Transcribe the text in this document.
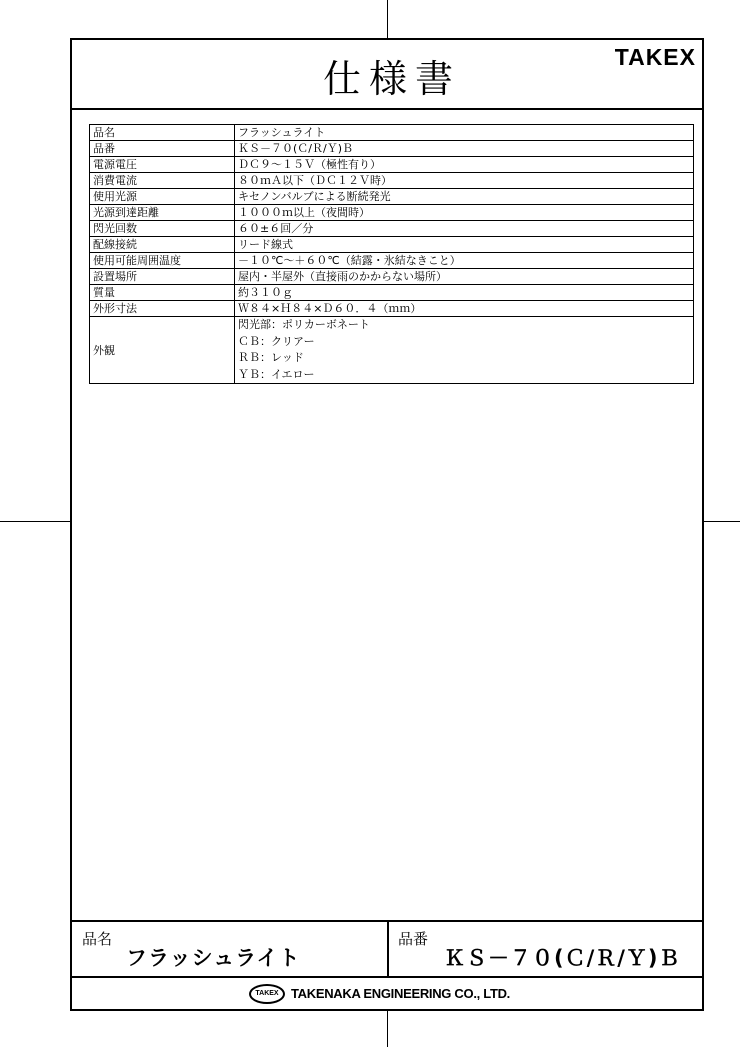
仕様書	TAKEX
品名	フラッシュライト
品番	ＫＳ－７０(Ｃ/Ｒ/Ｙ)Ｂ
電源電圧	ＤＣ９～１５Ｖ（極性有り）
消費電流	８０ｍＡ以下（ＤＣ１２Ｖ時）
使用光源	キセノンバルブによる断続発光
光源到達距離	１０００ｍ以上（夜間時）
閃光回数	６０±６回／分
配線接続	リード線式
使用可能周囲温度	－１０℃～＋６０℃（結露・氷結なきこと）
設置場所	屋内・半屋外（直接雨のかからない場所）
質量	約３１０ｇ
外形寸法	Ｗ８４×Ｈ８４×Ｄ６０．４（ｍｍ）
外観	閃光部：ポリカーボネート
ＣＢ：クリアー
ＲＢ：レッド
ＹＢ：イエロー
品名
フラッシュライト
品番
ＫＳ－７０(Ｃ/Ｒ/Ｙ)Ｂ
TAKEX TAKENAKA ENGINEERING CO., LTD.
